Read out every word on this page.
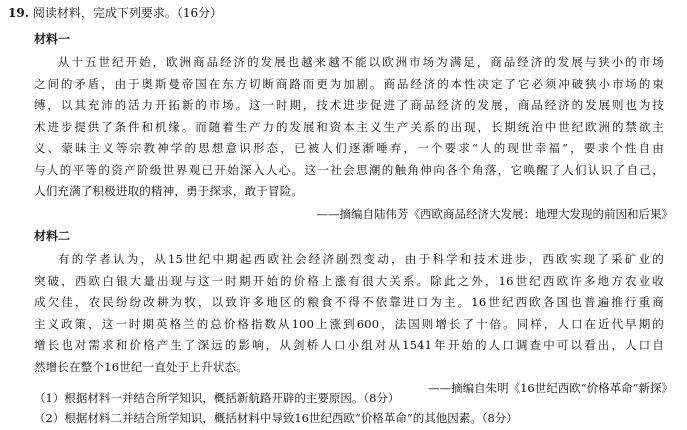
19. 阅读材料，完成下列要求。（16分）
材料一
从十五世纪开始，欧洲商品经济的发展也越来越不能以欧洲市场为满足，商品经济的发展与狭小的市场
之间的矛盾，由于奥斯曼帝国在东方切断商路而更为加剧。商品经济的本性决定了它必须冲破狭小市场的束
缚，以其充沛的活力开拓新的市场。这一时期，技术进步促进了商品经济的发展，商品经济的发展则也为技
术进步提供了条件和机缘。而随着生产力的发展和资本主义生产关系的出现，长期统治中世纪欧洲的禁欲主
义、蒙昧主义等宗教神学的思想意识形态，已被人们逐渐唾弃，一个要求“人的现世幸福”，要求个性自由
与人的平等的资产阶级世界观已开始深入人心。这一社会思潮的触角伸向各个角落，它唤醒了人们认识了自己，
人们充满了积极进取的精神，勇于探求，敢于冒险。
——摘编自陆伟芳《西欧商品经济大发展：地理大发现的前因和后果》
材料二
有的学者认为，从15世纪中期起西欧社会经济剧烈变动，由于科学和技术进步，西欧实现了采矿业的
突破，西欧白银大量出现与这一时期开始的价格上涨有很大关系。除此之外，16世纪西欧许多地方农业收
成欠佳，农民纷纷改耕为牧，以致许多地区的粮食不得不依靠进口为主。16世纪西欧各国也普遍推行重商
主义政策，这一时期英格兰的总价格指数从100上涨到600，法国则增长了十倍。同样，人口在近代早期的
增长也对需求和价格产生了深远的影响，从剑桥人口小组对从1541年开始的人口调查中可以看出，人口自
然增长在整个16世纪一直处于上升状态。
——摘编自朱明《16世纪西欧“价格革命”新探》
（1）根据材料一并结合所学知识，概括新航路开辟的主要原因。（8分）
（2）根据材料二并结合所学知识，概括材料中导致16世纪西欧“价格革命”的其他因素。（8分）
